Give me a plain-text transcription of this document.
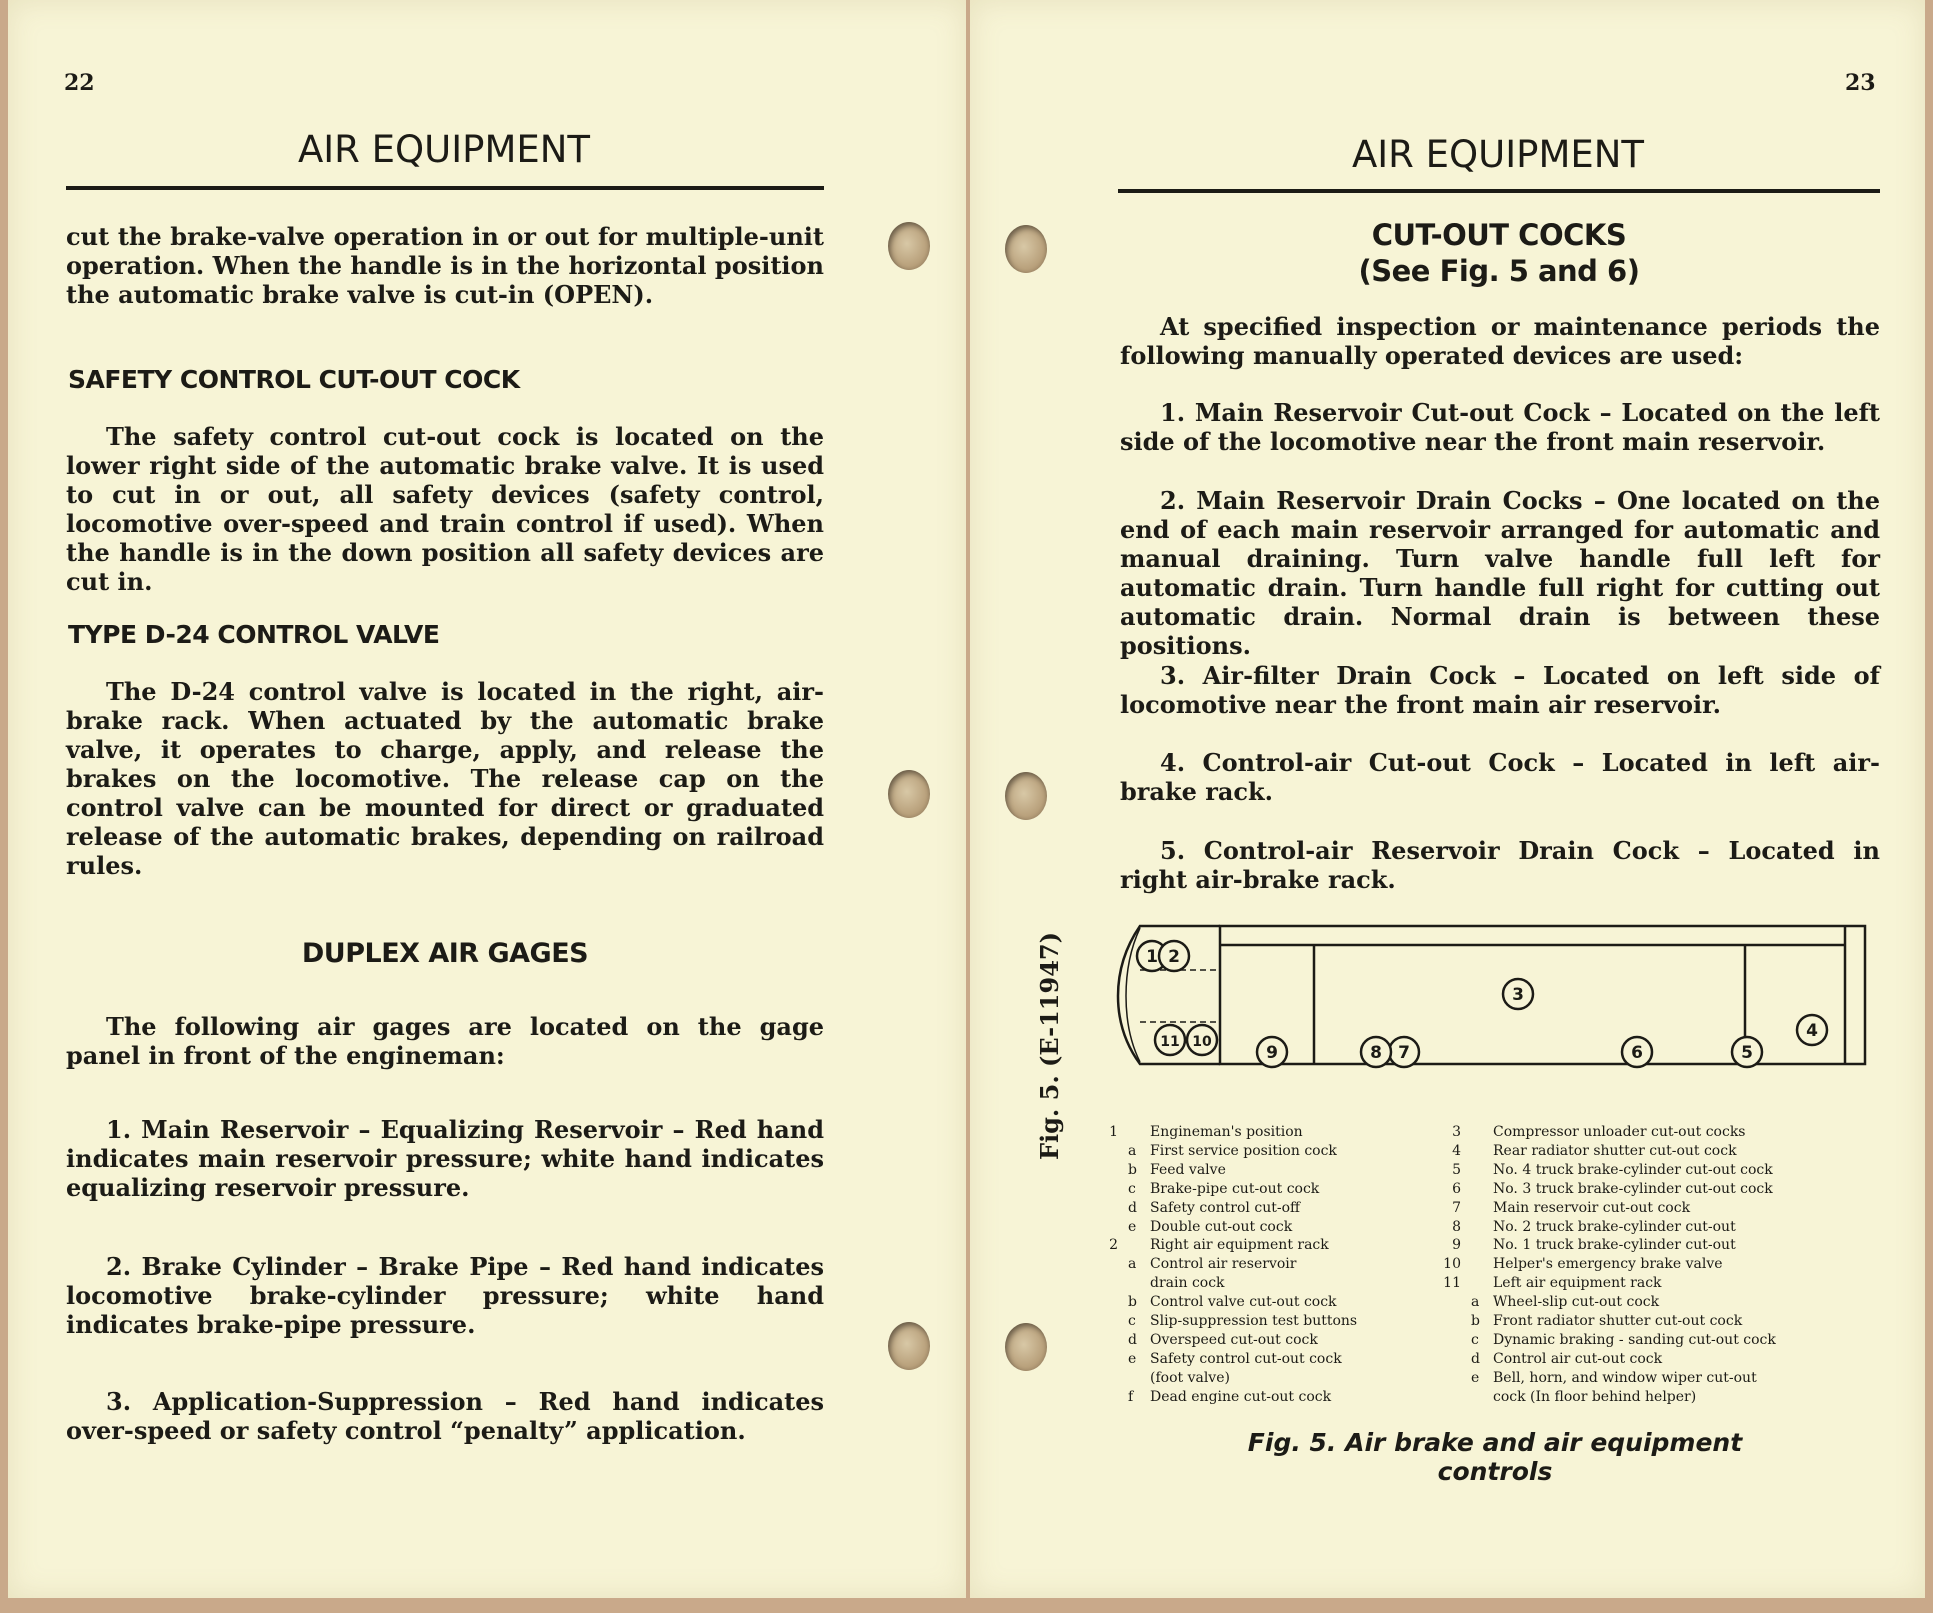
22
AIR EQUIPMENT

cut the brake-valve operation in or out for multiple-unit operation. When the handle is in the horizontal position the automatic brake valve is cut-in (OPEN).

SAFETY CONTROL CUT-OUT COCK

The safety control cut-out cock is located on the lower right side of the automatic brake valve. It is used to cut in or out, all safety devices (safety control, locomotive over-speed and train control if used). When the handle is in the down position all safety devices are cut in.

TYPE D-24 CONTROL VALVE

The D-24 control valve is located in the right, air-brake rack. When actuated by the automatic brake valve, it operates to charge, apply, and release the brakes on the locomotive. The release cap on the control valve can be mounted for direct or graduated release of the automatic brakes, depending on railroad rules.

DUPLEX AIR GAGES

The following air gages are located on the gage panel in front of the engineman:

1. Main Reservoir – Equalizing Reservoir – Red hand indicates main reservoir pressure; white hand indicates equalizing reservoir pressure.

2. Brake Cylinder – Brake Pipe – Red hand indicates locomotive brake-cylinder pressure; white hand indicates brake-pipe pressure.

3. Application-Suppression – Red hand indicates over-speed or safety control “penalty” application.

23
AIR EQUIPMENT
CUT-OUT COCKS
(See Fig. 5 and 6)

At specified inspection or maintenance periods the following manually operated devices are used:

1. Main Reservoir Cut-out Cock – Located on the left side of the locomotive near the front main reservoir.

2. Main Reservoir Drain Cocks – One located on the end of each main reservoir arranged for automatic and manual draining. Turn valve handle full left for automatic drain. Turn handle full right for cutting out automatic drain. Normal drain is between these positions.

3. Air-filter Drain Cock – Located on left side of locomotive near the front main air reservoir.

4. Control-air Cut-out Cock – Located in left air-brake rack.

5. Control-air Reservoir Drain Cock – Located in right air-brake rack.

Fig. 5. (E-11947)	1 2
3
4
5
6
7
8
9
10
11
1 Engineman's position
a First service position cock
b Feed valve
c Brake-pipe cut-out cock
d Safety control cut-off
e Double cut-out cock
2 Right air equipment rack
a Control air reservoir
drain cock
b Control valve cut-out cock
c Slip-suppression test buttons
d Overspeed cut-out cock
e Safety control cut-out cock
(foot valve)
f Dead engine cut-out cock
3 Compressor unloader cut-out cocks
4 Rear radiator shutter cut-out cock
5 No. 4 truck brake-cylinder cut-out cock
6 No. 3 truck brake-cylinder cut-out cock
7 Main reservoir cut-out cock
8 No. 2 truck brake-cylinder cut-out
9 No. 1 truck brake-cylinder cut-out
10 Helper's emergency brake valve
11 Left air equipment rack
a Wheel-slip cut-out cock
b Front radiator shutter cut-out cock
c Dynamic braking - sanding cut-out cock
d Control air cut-out cock
e Bell, horn, and window wiper cut-out
cock (In floor behind helper)
Fig. 5. Air brake and air equipment controls
